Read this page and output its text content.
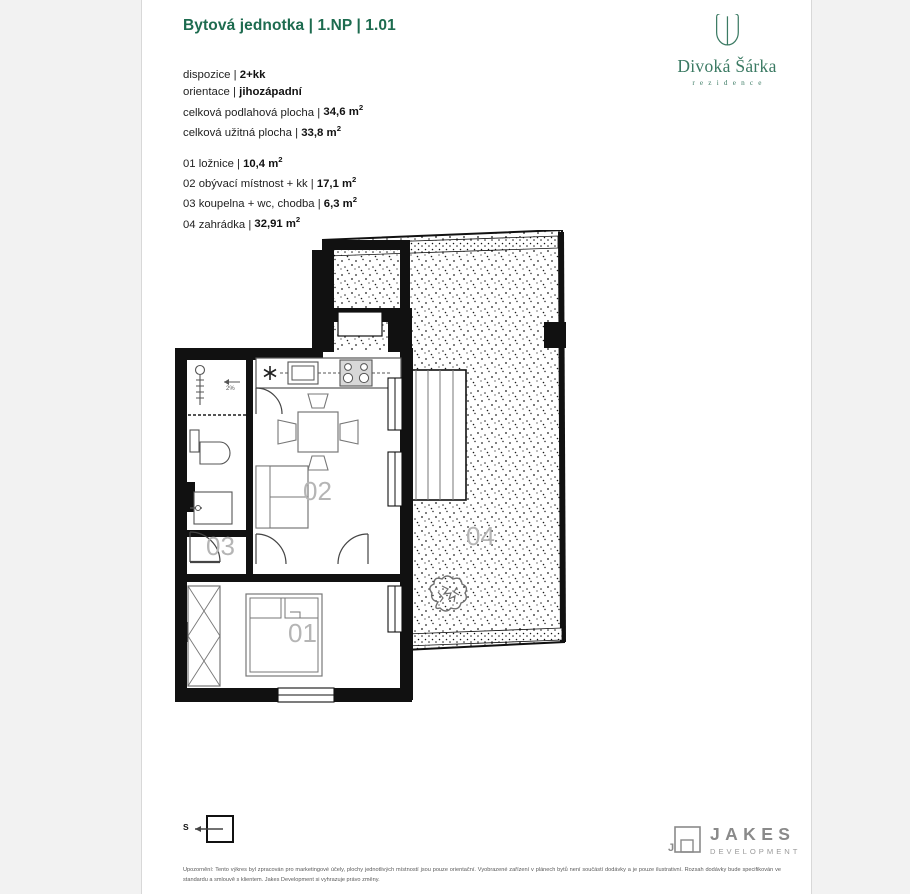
Bytová jednotka | 1.NP | 1.01
Divoká Šárka
rezidence
dispozice | 2+kk
orientace | jihozápadní
celková podlahová plocha | 34,6 $m^2$
celková užitná plocha | 33,8 $m^2$
01 ložnice | 10,4 $m^2$
02 obývací místnost + kk | 17,1 $m^2$
03 koupelna + wc, chodba | 6,3 $m^2$
04 zahrádka | 32,91 $m^2$
02
03
01
04
2%
S
J
JAKES
DEVELOPMENT
Upozornění: Tento výkres byl zpracován pro marketingové účely, plochy jednotlivých místností jsou pouze orientační. Vyobrazené zařízení v plánech bytů není součástí dodávky a je pouze ilustrativní. Rozsah dodávky bude specifikován ve standardu a smlouvě s klientem. Jakes Development si vyhrazuje právo změny.
